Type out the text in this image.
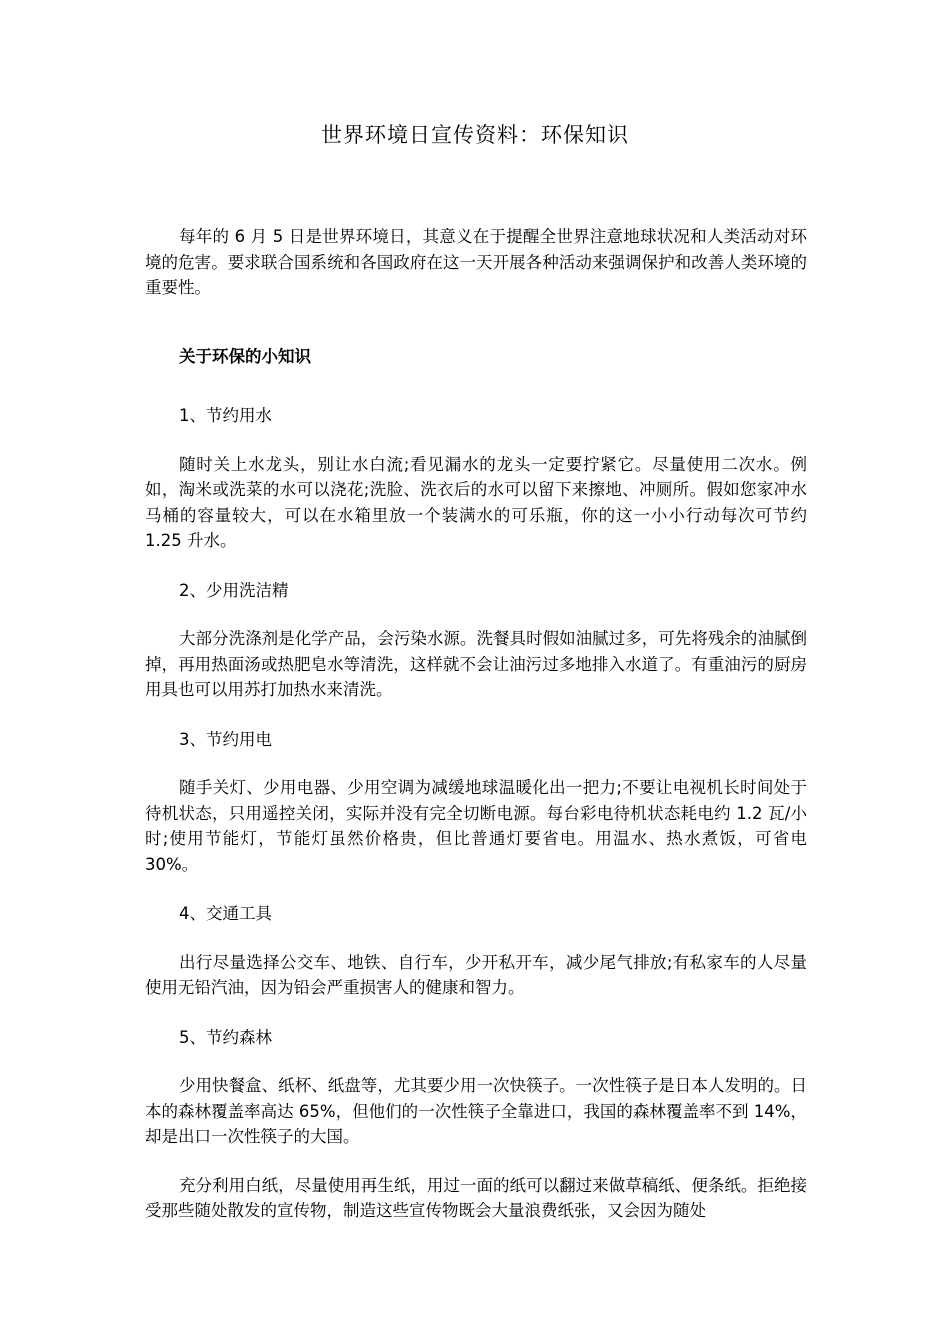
世界环境日宣传资料：环保知识

每年的 6 月 5 日是世界环境日，其意义在于提醒全世界注意地球状况和人类活动对环境的危害。要求联合国系统和各国政府在这一天开展各种活动来强调保护和改善人类环境的重要性。

关于环保的小知识

1、节约用水

随时关上水龙头，别让水白流;看见漏水的龙头一定要拧紧它。尽量使用二次水。例如，淘米或洗菜的水可以浇花;洗脸、洗衣后的水可以留下来擦地、冲厕所。假如您家冲水马桶的容量较大，可以在水箱里放一个装满水的可乐瓶，你的这一小小行动每次可节约 1.25 升水。

2、少用洗洁精

大部分洗涤剂是化学产品，会污染水源。洗餐具时假如油腻过多，可先将残余的油腻倒掉，再用热面汤或热肥皂水等清洗，这样就不会让油污过多地排入水道了。有重油污的厨房用具也可以用苏打加热水来清洗。

3、节约用电

随手关灯、少用电器、少用空调为减缓地球温暖化出一把力;不要让电视机长时间处于待机状态，只用遥控关闭，实际并没有完全切断电源。每台彩电待机状态耗电约 1.2 瓦/小时;使用节能灯，节能灯虽然价格贵，但比普通灯要省电。用温水、热水煮饭，可省电 30%。

4、交通工具

出行尽量选择公交车、地铁、自行车，少开私开车，减少尾气排放;有私家车的人尽量使用无铅汽油，因为铅会严重损害人的健康和智力。

5、节约森林

少用快餐盒、纸杯、纸盘等，尤其要少用一次快筷子。一次性筷子是日本人发明的。日本的森林覆盖率高达 65%，但他们的一次性筷子全靠进口，我国的森林覆盖率不到 14%，却是出口一次性筷子的大国。

充分利用白纸，尽量使用再生纸，用过一面的纸可以翻过来做草稿纸、便条纸。拒绝接受那些随处散发的宣传物，制造这些宣传物既会大量浪费纸张，又会因为随处
